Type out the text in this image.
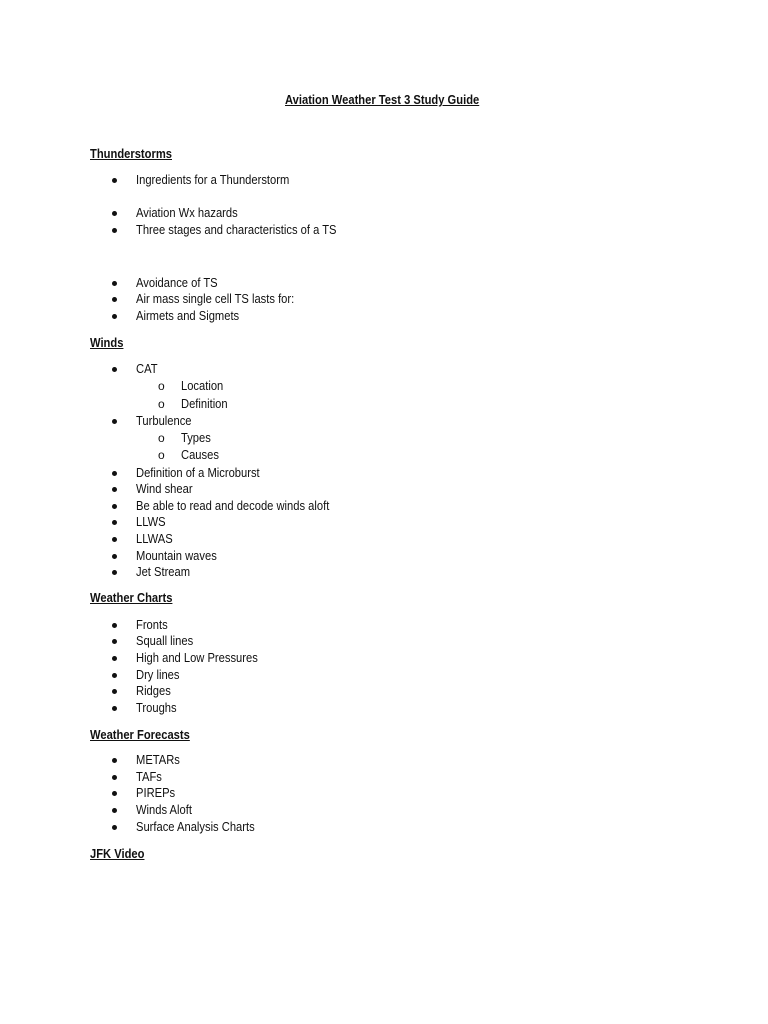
Aviation Weather Test 3 Study Guide
Thunderstorms
Ingredients for a Thunderstorm
Aviation Wx hazards
Three stages and characteristics of a TS
Avoidance of TS
Air mass single cell TS lasts for:
Airmets and Sigmets
Winds
CAT
o Location
o Definition
Turbulence
o Types
o Causes
Definition of a Microburst
Wind shear
Be able to read and decode winds aloft
LLWS
LLWAS
Mountain waves
Jet Stream
Weather Charts
Fronts
Squall lines
High and Low Pressures
Dry lines
Ridges
Troughs
Weather Forecasts
METARs
TAFs
PIREPs
Winds Aloft
Surface Analysis Charts
JFK Video
